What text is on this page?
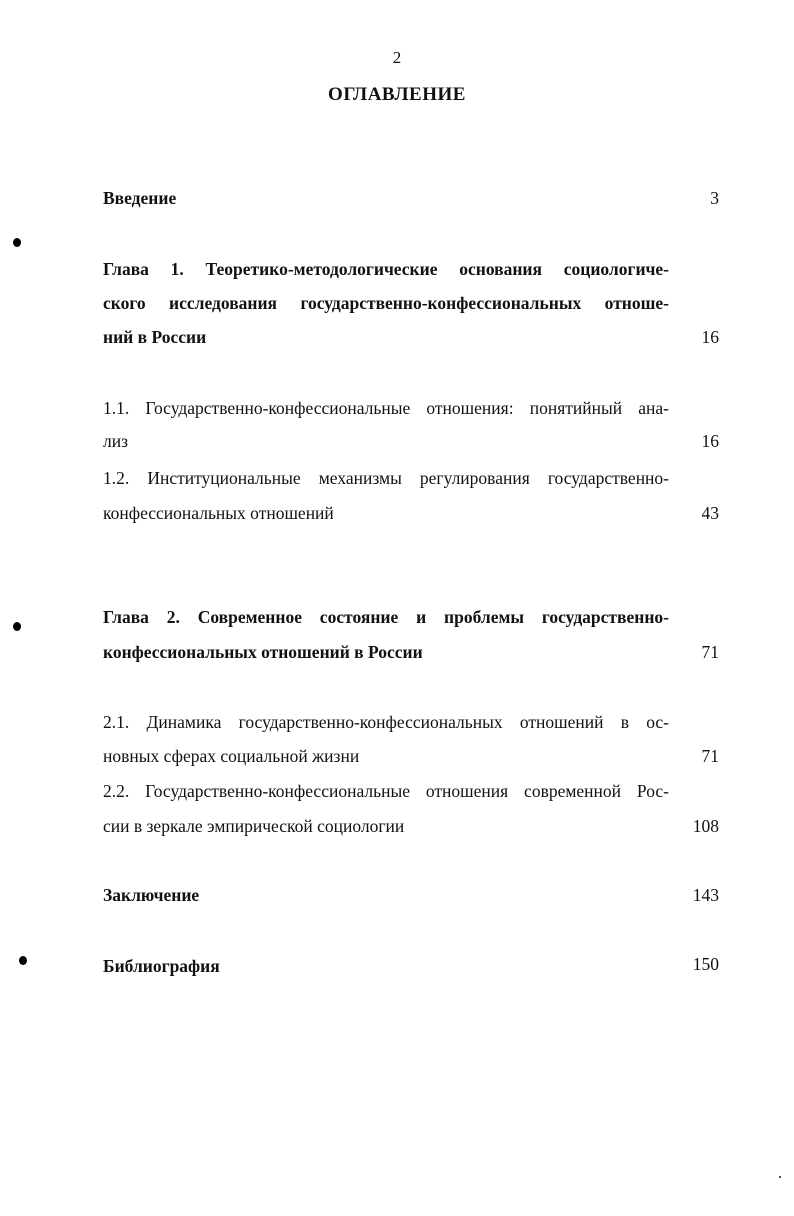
2
ОГЛАВЛЕНИЕ
Введение	3
Глава 1. Теоретико-методологические основания социологиче-
ского исследования государственно-конфессиональных отноше-
ний в России	16
1.1. Государственно-конфессиональные отношения: понятийный ана-
лиз	16
1.2. Институциональные механизмы регулирования государственно-
конфессиональных отношений	43
Глава 2. Современное состояние и проблемы государственно-
конфессиональных отношений в России	71
2.1. Динамика государственно-конфессиональных отношений в ос-
новных сферах социальной жизни	71
2.2. Государственно-конфессиональные отношения современной Рос-
сии в зеркале эмпирической социологии	108
Заключение	143
Библиография	150
